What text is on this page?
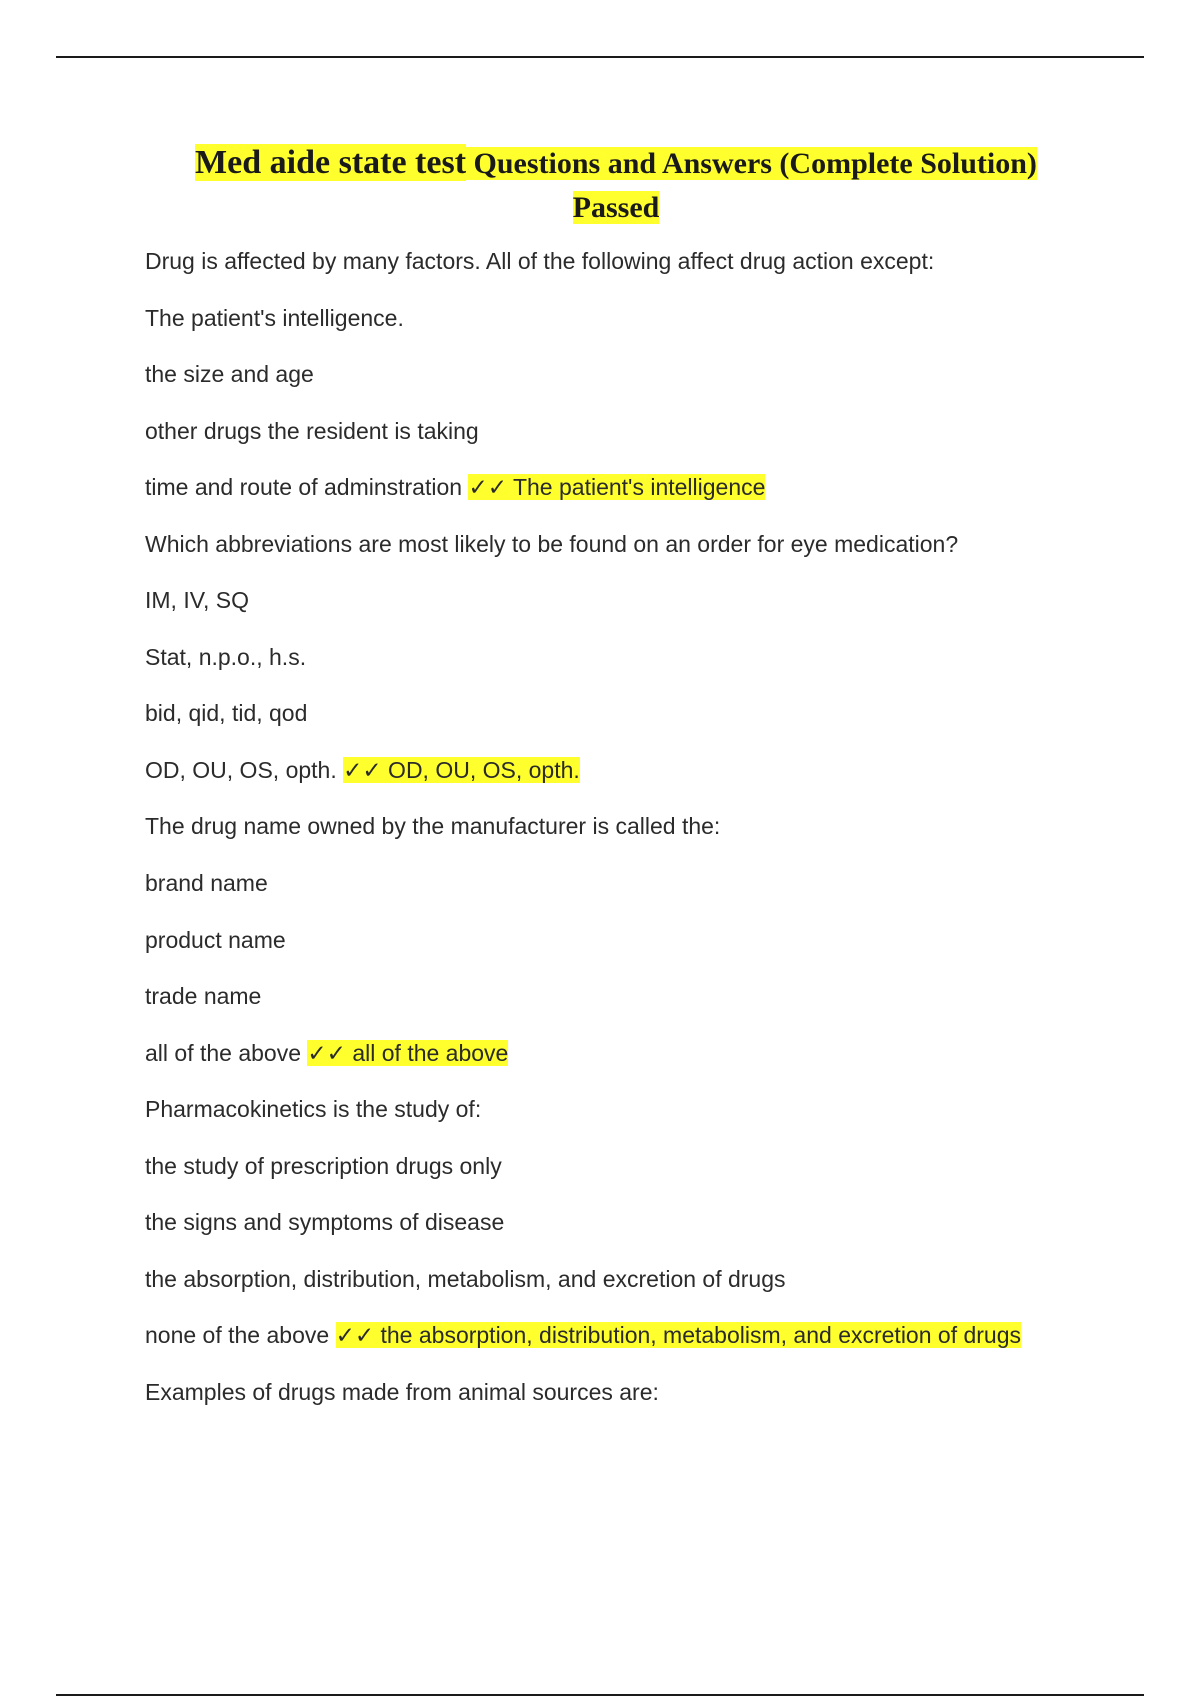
Med aide state test Questions and Answers (Complete Solution)
Passed
Drug is affected by many factors. All of the following affect drug action except:
The patient's intelligence.
the size and age
other drugs the resident is taking
time and route of adminstration ✓✓ The patient's intelligence
Which abbreviations are most likely to be found on an order for eye medication?
IM, IV, SQ
Stat, n.p.o., h.s.
bid, qid, tid, qod
OD, OU, OS, opth. ✓✓ OD, OU, OS, opth.
The drug name owned by the manufacturer is called the:
brand name
product name
trade name
all of the above ✓✓ all of the above
Pharmacokinetics is the study of:
the study of prescription drugs only
the signs and symptoms of disease
the absorption, distribution, metabolism, and excretion of drugs
none of the above ✓✓ the absorption, distribution, metabolism, and excretion of drugs
Examples of drugs made from animal sources are:
